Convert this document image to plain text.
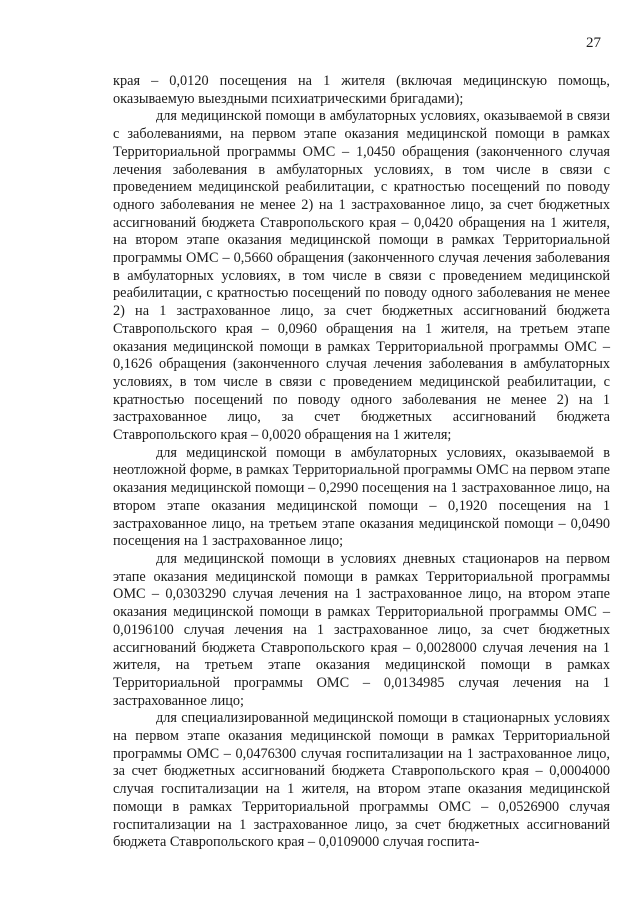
27

края – 0,0120 посещения на 1 жителя (включая медицинскую помощь, оказываемую выездными психиатрическими бригадами);

для медицинской помощи в амбулаторных условиях, оказываемой в связи с заболеваниями, на первом этапе оказания медицинской помощи в рамках Территориальной программы ОМС – 1,0450 обращения (законченного случая лечения заболевания в амбулаторных условиях, в том числе в связи с проведением медицинской реабилитации, с кратностью посещений по поводу одного заболевания не менее 2) на 1 застрахованное лицо, за счет бюджетных ассигнований бюджета Ставропольского края – 0,0420 обращения на 1 жителя, на втором этапе оказания медицинской помощи в рамках Территориальной программы ОМС – 0,5660 обращения (законченного случая лечения заболевания в амбулаторных условиях, в том числе в связи с проведением медицинской реабилитации, с кратностью посещений по поводу одного заболевания не менее 2) на 1 застрахованное лицо, за счет бюджетных ассигнований бюджета Ставропольского края – 0,0960 обращения на 1 жителя, на третьем этапе оказания медицинской помощи в рамках Территориальной программы ОМС – 0,1626 обращения (законченного случая лечения заболевания в амбулаторных условиях, в том числе в связи с проведением медицинской реабилитации, с кратностью посещений по поводу одного заболевания не менее 2) на 1 застрахованное лицо, за счет бюджетных ассигнований бюджета Ставропольского края – 0,0020 обращения на 1 жителя;

для медицинской помощи в амбулаторных условиях, оказываемой в неотложной форме, в рамках Территориальной программы ОМС на первом этапе оказания медицинской помощи – 0,2990 посещения на 1 застрахованное лицо, на втором этапе оказания медицинской помощи – 0,1920 посещения на 1 застрахованное лицо, на третьем этапе оказания медицинской помощи – 0,0490 посещения на 1 застрахованное лицо;

для медицинской помощи в условиях дневных стационаров на первом этапе оказания медицинской помощи в рамках Территориальной программы ОМС – 0,0303290 случая лечения на 1 застрахованное лицо, на втором этапе оказания медицинской помощи в рамках Территориальной программы ОМС – 0,0196100 случая лечения на 1 застрахованное лицо, за счет бюджетных ассигнований бюджета Ставропольского края – 0,0028000 случая лечения на 1 жителя, на третьем этапе оказания медицинской помощи в рамках Территориальной программы ОМС – 0,0134985 случая лечения на 1 застрахованное лицо;

для специализированной медицинской помощи в стационарных условиях на первом этапе оказания медицинской помощи в рамках Территориальной программы ОМС – 0,0476300 случая госпитализации на 1 застрахованное лицо, за счет бюджетных ассигнований бюджета Ставропольского края – 0,0004000 случая госпитализации на 1 жителя, на втором этапе оказания медицинской помощи в рамках Территориальной программы ОМС – 0,0526900 случая госпитализации на 1 застрахованное лицо, за счет бюджетных ассигнований бюджета Ставропольского края – 0,0109000 случая госпита-
